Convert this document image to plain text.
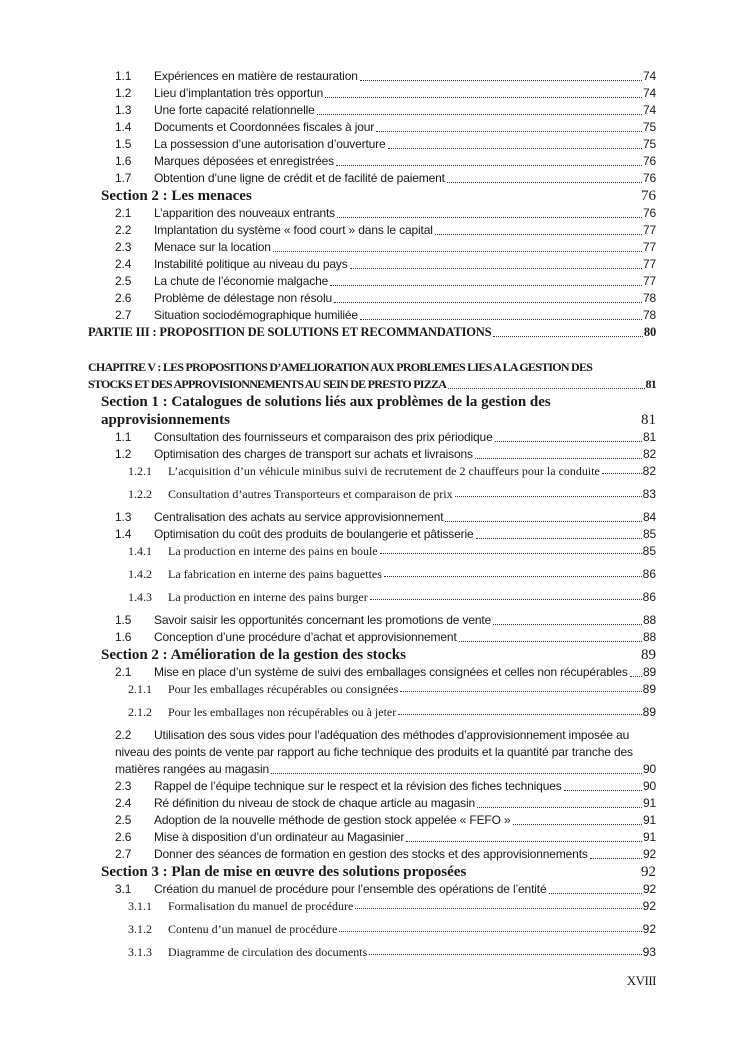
1.1	Expériences en matière de restauration	74
1.2	Lieu d’implantation très opportun	74
1.3	Une forte capacité relationnelle	74
1.4	Documents et Coordonnées fiscales à jour	75
1.5	La possession d’une autorisation d’ouverture	75
1.6	Marques déposées et enregistrées	76
1.7	Obtention d’une ligne de crédit et de facilité de paiement	76
Section 2 : Les menaces	76
2.1	L’apparition des nouveaux entrants	76
2.2	Implantation du système « food court » dans le capital	77
2.3	Menace sur la location	77
2.4	Instabilité politique au niveau du pays	77
2.5	La chute de l’économie malgache	77
2.6	Problème de délestage non résolu	78
2.7	Situation sociodémographique humiliée	78
PARTIE III : PROPOSITION DE SOLUTIONS ET RECOMMANDATIONS	80
CHAPITRE V : LES PROPOSITIONS D’AMELIORATION AUX PROBLEMES LIES A LA GESTION DES
STOCKS ET DES APPROVISIONNEMENTS AU SEIN DE PRESTO PIZZA	81
Section 1 : Catalogues de solutions liés aux problèmes de la gestion des
approvisionnements	81
1.1	Consultation des fournisseurs et comparaison des prix périodique	81
1.2	Optimisation des charges de transport sur achats et livraisons	82
1.2.1	L’acquisition d’un véhicule minibus suivi de recrutement de 2 chauffeurs pour la conduite	82
1.2.2	Consultation d’autres Transporteurs et comparaison de prix	83
1.3	Centralisation des achats au service approvisionnement	84
1.4	Optimisation du coût des produits de boulangerie et pâtisserie	85
1.4.1	La production en interne des pains en boule	85
1.4.2	La fabrication en interne des pains baguettes	86
1.4.3	La production en interne des pains burger	86
1.5	Savoir saisir les opportunités concernant les promotions de vente	88
1.6	Conception d’une procédure d’achat et approvisionnement	88
Section 2 : Amélioration de la gestion des stocks	89
2.1	Mise en place d’un système de suivi des emballages consignées et celles non récupérables 89
2.1.1	Pour les emballages récupérables ou consignées	89
2.1.2	Pour les emballages non récupérables ou à jeter	89
2.2	Utilisation des sous vides pour l’adéquation des méthodes d’approvisionnement imposée au
niveau des points de vente par rapport au fiche technique des produits et la quantité par tranche des
matières rangées au magasin	90
2.3	Rappel de l’équipe technique sur le respect et la révision des fiches techniques	90
2.4	Ré définition du niveau de stock de chaque article au magasin	91
2.5	Adoption de la nouvelle méthode de gestion stock appelée « FEFO »	91
2.6	Mise à disposition d’un ordinateur au Magasinier	91
2.7	Donner des séances de formation en gestion des stocks et des approvisionnements	92
Section 3 : Plan de mise en œuvre des solutions proposées	92
3.1	Création du manuel de procédure pour l’ensemble des opérations de l’entité	92
3.1.1	Formalisation du manuel de procédure	92
3.1.2	Contenu d’un manuel de procédure	92
3.1.3	Diagramme de circulation des documents	93
XVIII
